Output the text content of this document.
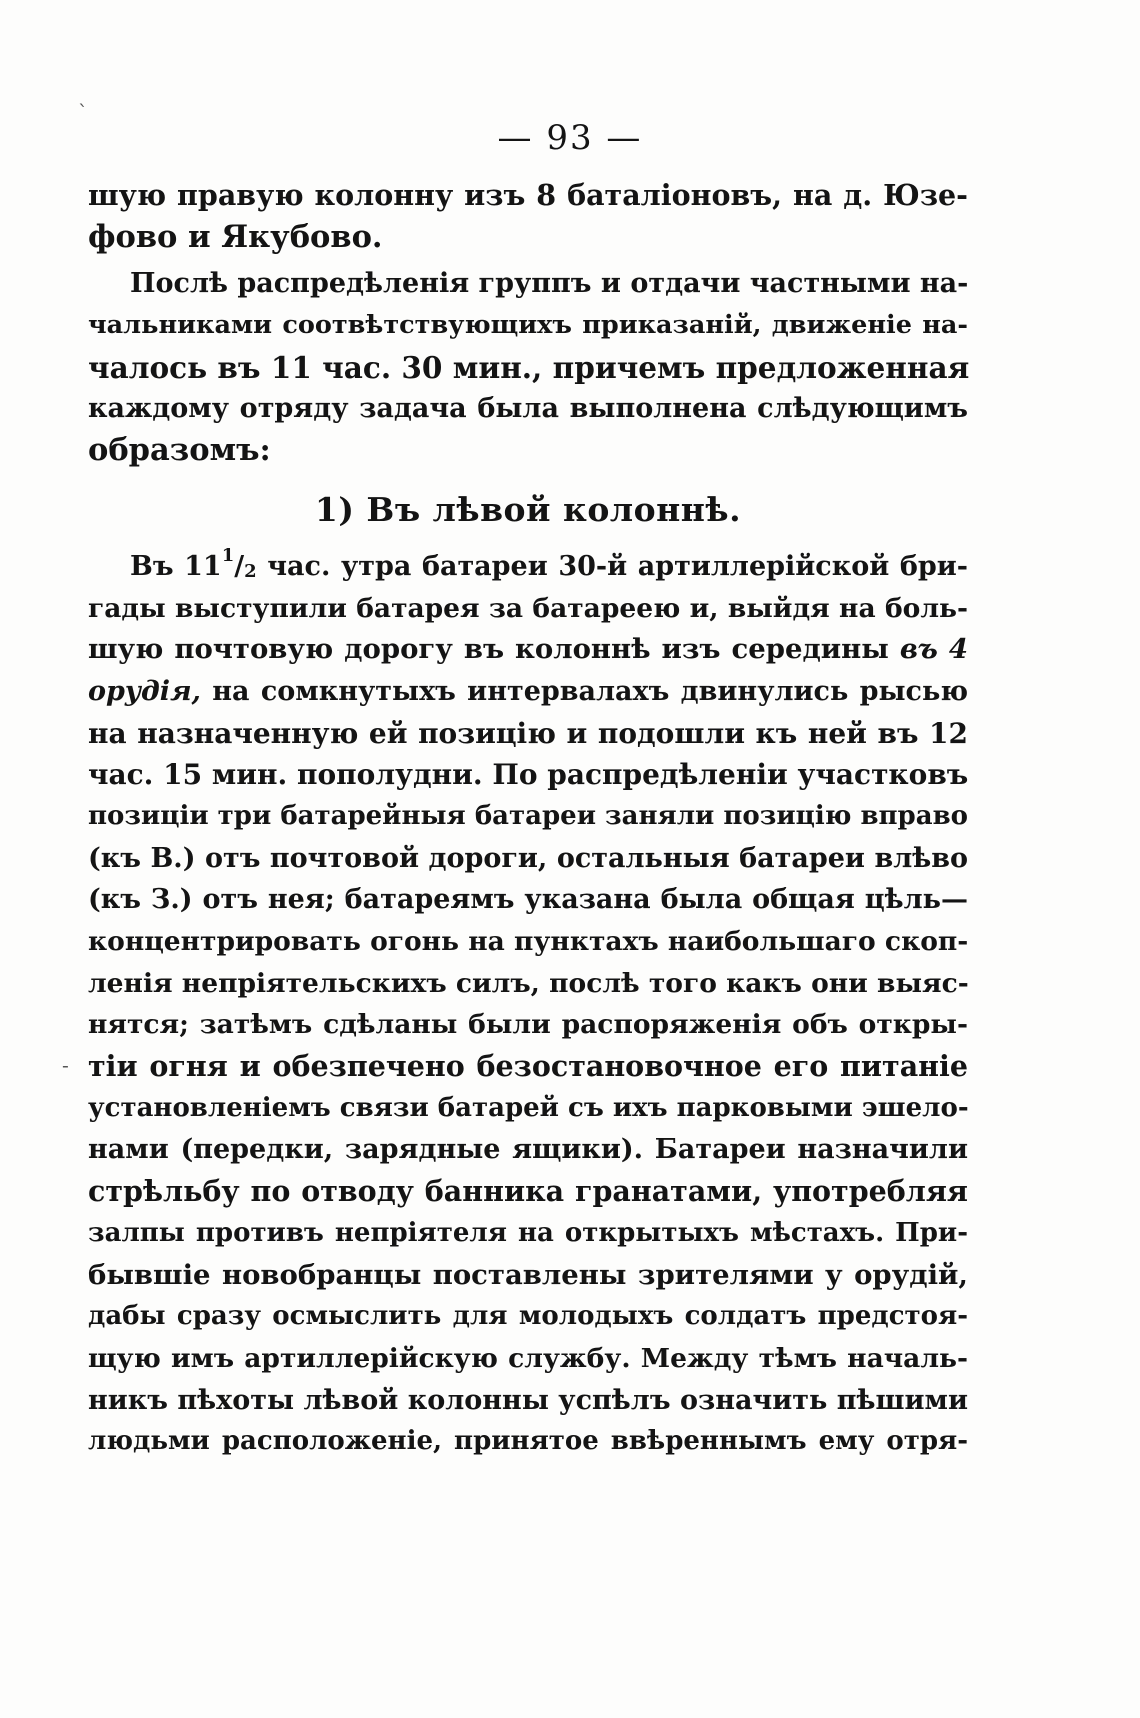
— 93 —
шую правую колонну изъ 8 баталіоновъ, на д. Юзе-
фово и Якубово.
Послѣ распредѣленія группъ и отдачи частными на-
чальниками соотвѣтствующихъ приказаній, движеніе на-
чалось въ 11 час. 30 мин., причемъ предложенная
каждому отряду задача была выполнена слѣдующимъ
образомъ:
1) Въ лѣвой колоннѣ.
Въ $11^1/_2$ час. утра батареи 30-й артиллерійской бри-
гады выступили батарея за батареею и, выйдя на боль-
шую почтовую дорогу въ колоннѣ изъ середины въ 4
орудія, на сомкнутыхъ интервалахъ двинулись рысью
на назначенную ей позицію и подошли къ ней въ 12
час. 15 мин. пополудни. По распредѣленіи участковъ
позиціи три батарейныя батареи заняли позицію вправо
(къ В.) отъ почтовой дороги, остальныя батареи влѣво
(къ З.) отъ нея; батареямъ указана была общая цѣль—
концентрировать огонь на пунктахъ наибольшаго скоп-
ленія непріятельскихъ силъ, послѣ того какъ они выяс-
нятся; затѣмъ сдѣланы были распоряженія объ откры-
тіи огня и обезпечено безостановочное его питаніе
установленіемъ связи батарей съ ихъ парковыми эшело-
нами (передки, зарядные ящики). Батареи назначили
стрѣльбу по отводу банника гранатами, употребляя
залпы противъ непріятеля на открытыхъ мѣстахъ. При-
бывшіе новобранцы поставлены зрителями у орудій,
дабы сразу осмыслить для молодыхъ солдатъ предстоя-
щую имъ артиллерійскую службу. Между тѣмъ началь-
никъ пѣхоты лѣвой колонны успѣлъ означить пѣшими
людьми расположеніе, принятое ввѣреннымъ ему отря-
`
-
